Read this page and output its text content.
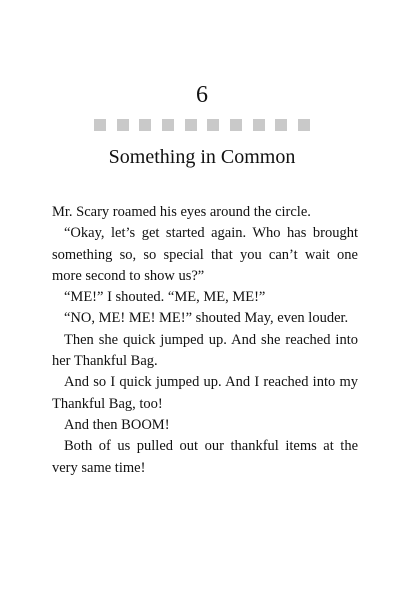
6
Something in Common

Mr. Scary roamed his eyes around the circle.

“Okay, let’s get started again. Who has brought something so, so special that you can’t wait one more second to show us?”

“ME!” I shouted. “ME, ME, ME!”

“NO, ME! ME! ME!” shouted May, even louder.

Then she quick jumped up. And she reached into her Thankful Bag.

And so I quick jumped up. And I reached into my Thankful Bag, too!

And then BOOM!

Both of us pulled out our thankful items at the very same time!
